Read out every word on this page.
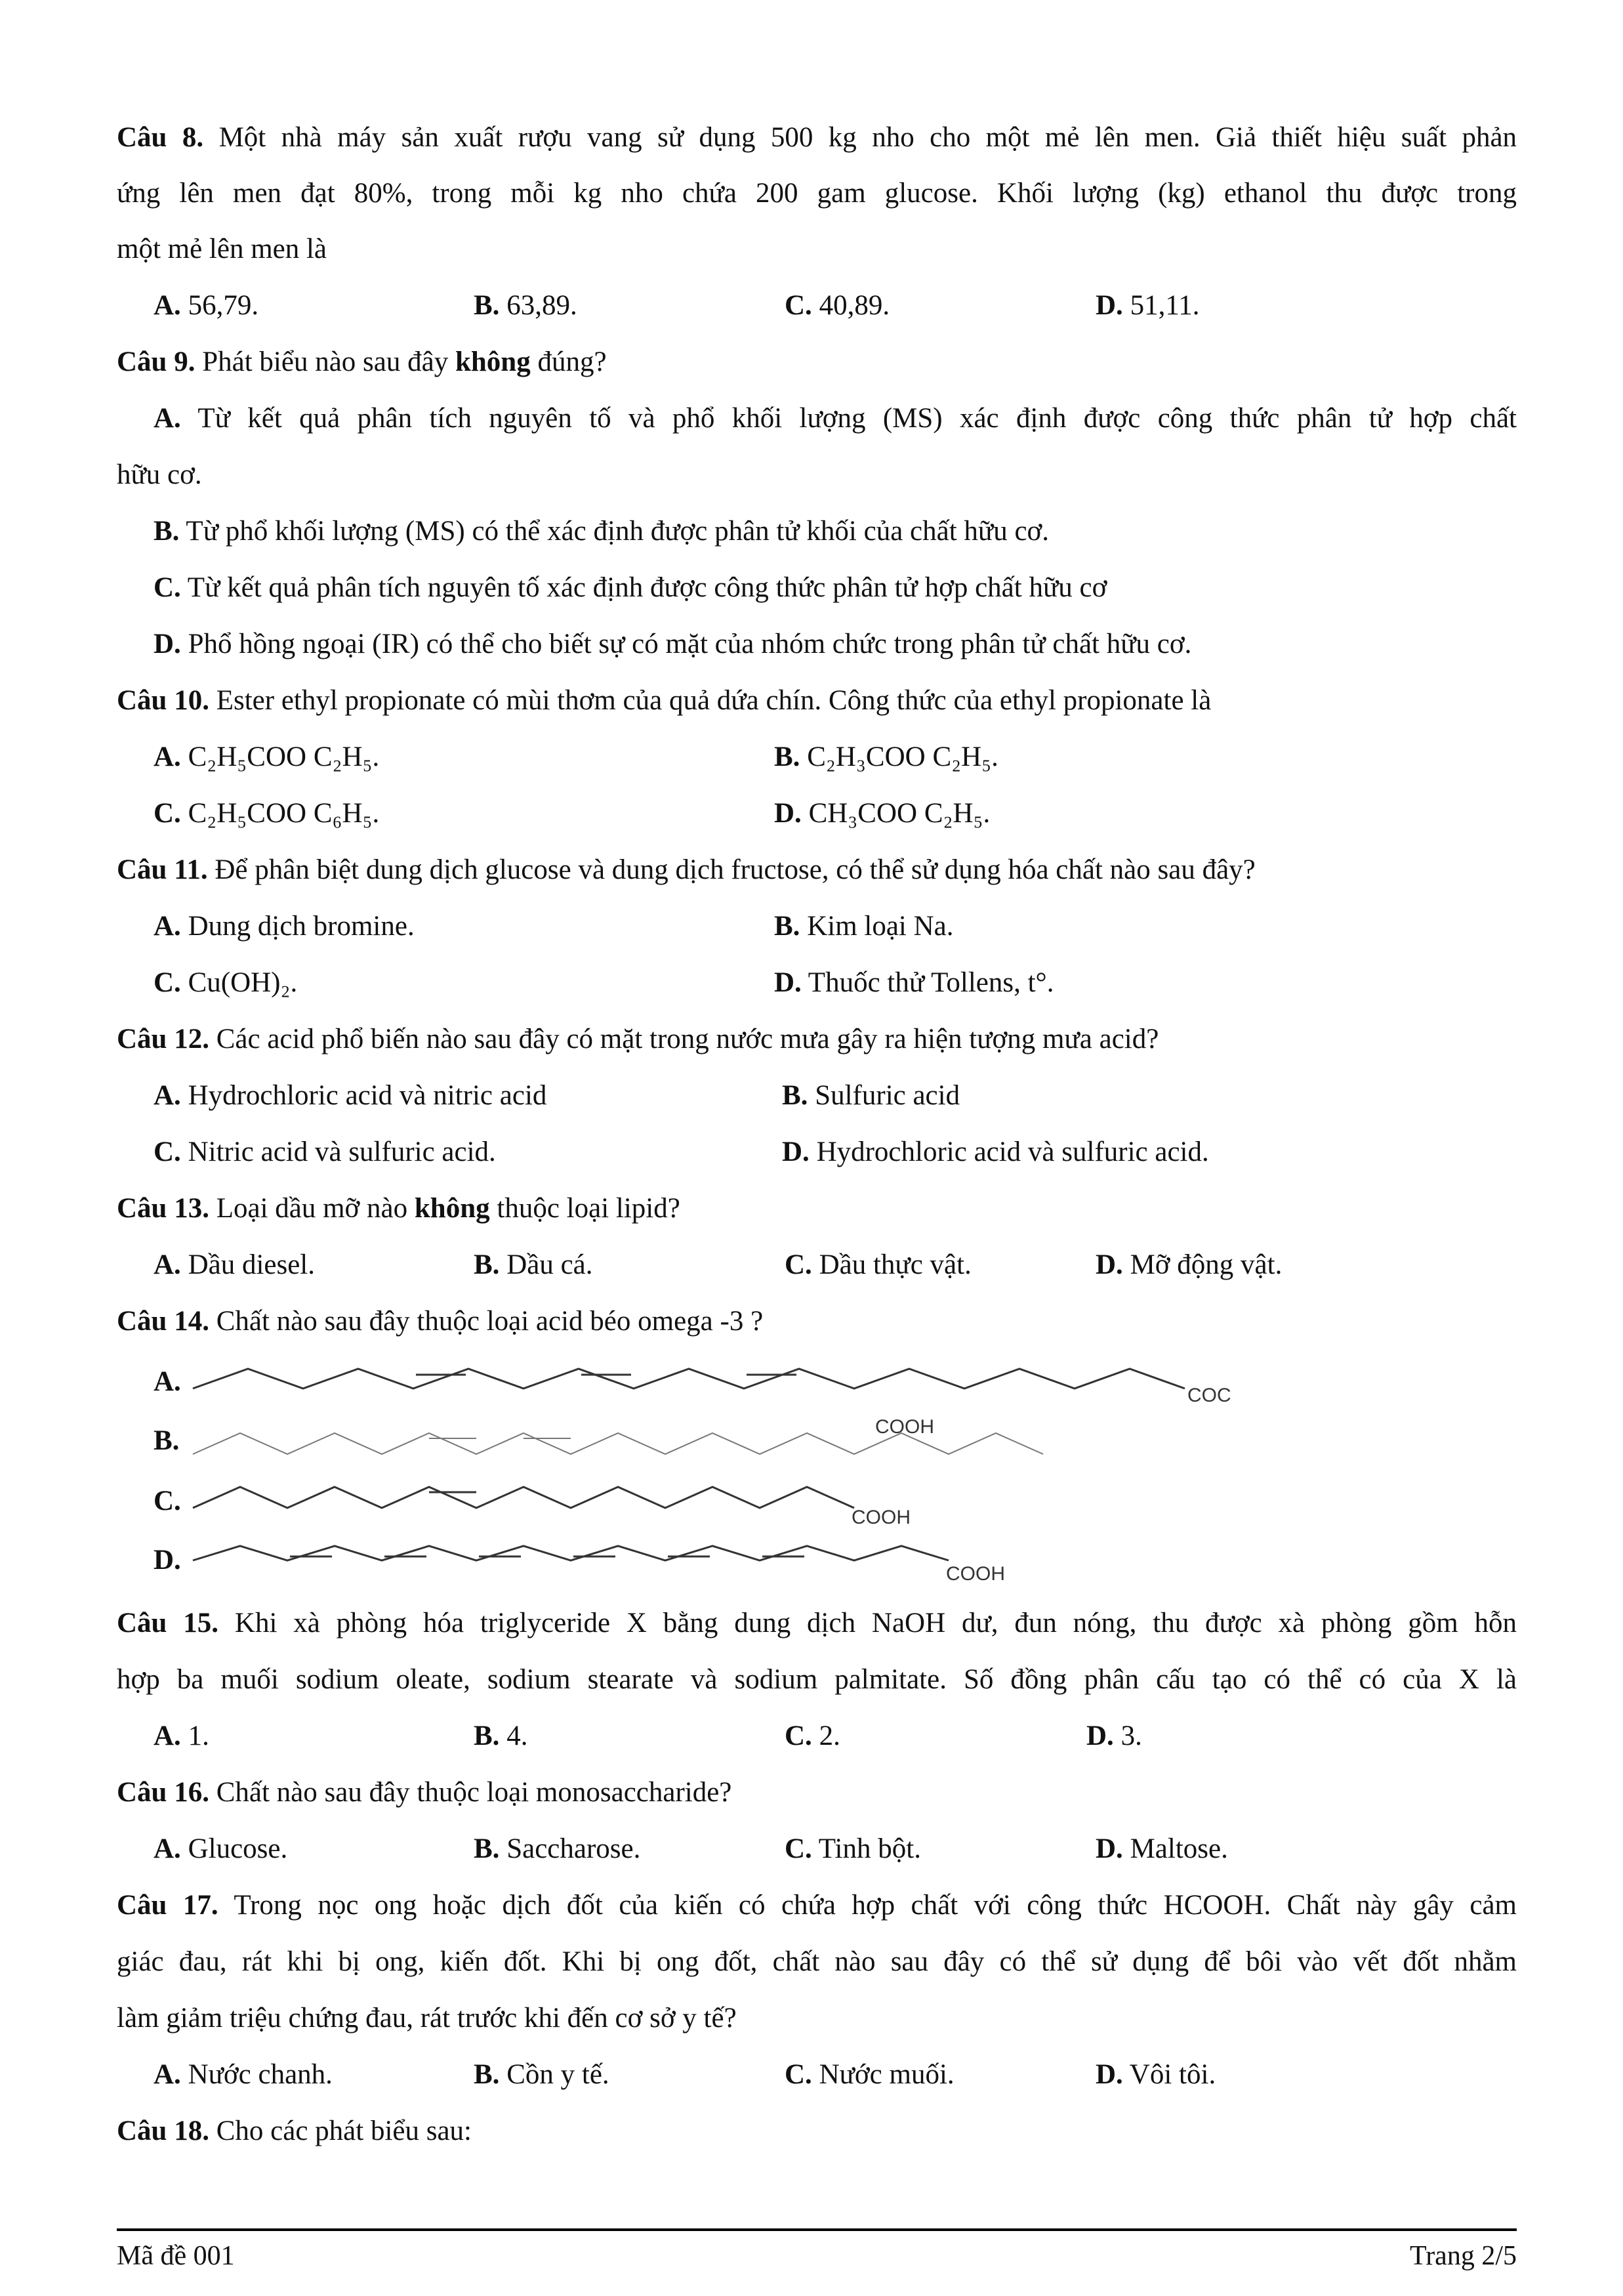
Câu 8. Một nhà máy sản xuất rượu vang sử dụng 500 kg nho cho một mẻ lên men. Giả thiết hiệu suất phản
ứng lên men đạt 80%, trong mỗi kg nho chứa 200 gam glucose. Khối lượng (kg) ethanol thu được trong
một mẻ lên men là
A. 56,79.	B. 63,89.	C. 40,89.	D. 51,11.
Câu 9. Phát biểu nào sau đây không đúng?
A. Từ kết quả phân tích nguyên tố và phổ khối lượng (MS) xác định được công thức phân tử hợp chất
hữu cơ.
B. Từ phổ khối lượng (MS) có thể xác định được phân tử khối của chất hữu cơ.
C. Từ kết quả phân tích nguyên tố xác định được công thức phân tử hợp chất hữu cơ
D. Phổ hồng ngoại (IR) có thể cho biết sự có mặt của nhóm chức trong phân tử chất hữu cơ.
Câu 10. Ester ethyl propionate có mùi thơm của quả dứa chín. Công thức của ethyl propionate là
A. C₂H₅COO C₂H₅.	B. C₂H₃COO C₂H₅.
C. C₂H₅COO C₆H₅.	D. CH₃COO C₂H₅.
Câu 11. Để phân biệt dung dịch glucose và dung dịch fructose, có thể sử dụng hóa chất nào sau đây?
A. Dung dịch bromine.	B. Kim loại Na.
C. Cu(OH)₂.	D. Thuốc thử Tollens, t°.
Câu 12. Các acid phổ biến nào sau đây có mặt trong nước mưa gây ra hiện tượng mưa acid?
A. Hydrochloric acid và nitric acid	B. Sulfuric acid
C. Nitric acid và sulfuric acid.	D. Hydrochloric acid và sulfuric acid.
Câu 13. Loại dầu mỡ nào không thuộc loại lipid?
A. Dầu diesel.	B. Dầu cá.	C. Dầu thực vật.	D. Mỡ động vật.
Câu 14. Chất nào sau đây thuộc loại acid béo omega -3 ?
A.	COC
B.	COOH
C.
COOH
D.	COOH
Câu 15. Khi xà phòng hóa triglyceride X bằng dung dịch NaOH dư, đun nóng, thu được xà phòng gồm hỗn
hợp ba muối sodium oleate, sodium stearate và sodium palmitate. Số đồng phân cấu tạo có thể có của X là
A. 1.	B. 4.	C. 2.	D. 3.
Câu 16. Chất nào sau đây thuộc loại monosaccharide?
A. Glucose.	B. Saccharose.	C. Tinh bột.	D. Maltose.
Câu 17. Trong nọc ong hoặc dịch đốt của kiến có chứa hợp chất với công thức HCOOH. Chất này gây cảm
giác đau, rát khi bị ong, kiến đốt. Khi bị ong đốt, chất nào sau đây có thể sử dụng để bôi vào vết đốt nhằm
làm giảm triệu chứng đau, rát trước khi đến cơ sở y tế?
A. Nước chanh.	B. Cồn y tế.	C. Nước muối.	D. Vôi tôi.
Câu 18. Cho các phát biểu sau:
Mã đề 001	Trang 2/5
